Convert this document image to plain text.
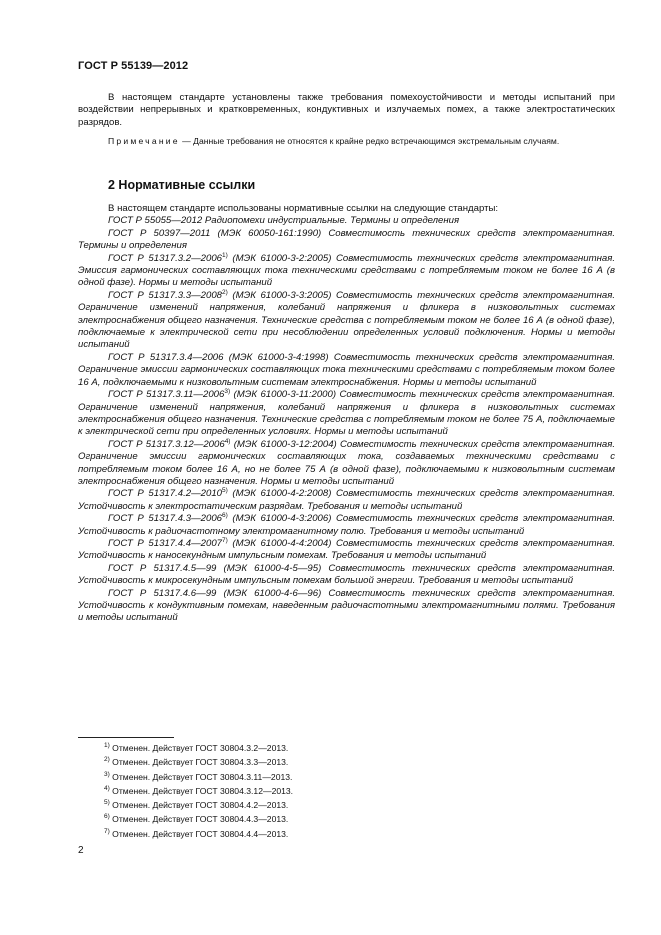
ГОСТ Р 55139—2012

В настоящем стандарте установлены также требования помехоустойчивости и методы испытаний при воздействии непрерывных и кратковременных, кондуктивных и излучаемых помех, а также электростатических разрядов.

Примечание — Данные требования не относятся к крайне редко встречающимся экстремальным случаям.

2 Нормативные ссылки

В настоящем стандарте использованы нормативные ссылки на следующие стандарты:

ГОСТ Р 55055—2012 Радиопомехи индустриальные. Термины и определения

ГОСТ Р 50397—2011 (МЭК 60050-161:1990) Совместимость технических средств электромагнитная. Термины и определения

ГОСТ Р 51317.3.2—2006$^{1)}$ (МЭК 61000-3-2:2005) Совместимость технических средств электромагнитная. Эмиссия гармонических составляющих тока техническими средствами с потребляемым током не более 16 А (в одной фазе). Нормы и методы испытаний

ГОСТ Р 51317.3.3—2008$^{2)}$ (МЭК 61000-3-3:2005) Совместимость технических средств электромагнитная. Ограничение изменений напряжения, колебаний напряжения и фликера в низковольтных системах электроснабжения общего назначения. Технические средства с потребляемым током не более 16 А (в одной фазе), подключаемые к электрической сети при несоблюдении определенных условий подключения. Нормы и методы испытаний

ГОСТ Р 51317.3.4—2006 (МЭК 61000-3-4:1998) Совместимость технических средств электромагнитная. Ограничение эмиссии гармонических составляющих тока техническими средствами с потребляемым током более 16 А, подключаемыми к низковольтным системам электроснабжения. Нормы и методы испытаний

ГОСТ Р 51317.3.11—2006$^{3)}$ (МЭК 61000-3-11:2000) Совместимость технических средств электромагнитная. Ограничение изменений напряжения, колебаний напряжения и фликера в низковольтных системах электроснабжения общего назначения. Технические средства с потребляемым током не более 75 А, подключаемые к электрической сети при определенных условиях. Нормы и методы испытаний

ГОСТ Р 51317.3.12—2006$^{4)}$ (МЭК 61000-3-12:2004) Совместимость технических средств электромагнитная. Ограничение эмиссии гармонических составляющих тока, создаваемых техническими средствами с потребляемым током более 16 А, но не более 75 А (в одной фазе), подключаемыми к низковольтным системам электроснабжения общего назначения. Нормы и методы испытаний

ГОСТ Р 51317.4.2—2010$^{5)}$ (МЭК 61000-4-2:2008) Совместимость технических средств электромагнитная. Устойчивость к электростатическим разрядам. Требования и методы испытаний

ГОСТ Р 51317.4.3—2006$^{6)}$ (МЭК 61000-4-3:2006) Совместимость технических средств электромагнитная. Устойчивость к радиочастотному электромагнитному полю. Требования и методы испытаний

ГОСТ Р 51317.4.4—2007$^{7)}$ (МЭК 61000-4-4:2004) Совместимость технических средств электромагнитная. Устойчивость к наносекундным импульсным помехам. Требования и методы испытаний

ГОСТ Р 51317.4.5—99 (МЭК 61000-4-5—95) Совместимость технических средств электромагнитная. Устойчивость к микросекундным импульсным помехам большой энергии. Требования и методы испытаний

ГОСТ Р 51317.4.6—99 (МЭК 61000-4-6—96) Совместимость технических средств электромагнитная. Устойчивость к кондуктивным помехам, наведенным радиочастотными электромагнитными полями. Требования и методы испытаний

$^{1)}$ Отменен. Действует ГОСТ 30804.3.2—2013.
$^{2)}$ Отменен. Действует ГОСТ 30804.3.3—2013.
$^{3)}$ Отменен. Действует ГОСТ 30804.3.11—2013.
$^{4)}$ Отменен. Действует ГОСТ 30804.3.12—2013.
$^{5)}$ Отменен. Действует ГОСТ 30804.4.2—2013.
$^{6)}$ Отменен. Действует ГОСТ 30804.4.3—2013.
$^{7)}$ Отменен. Действует ГОСТ 30804.4.4—2013.
2
